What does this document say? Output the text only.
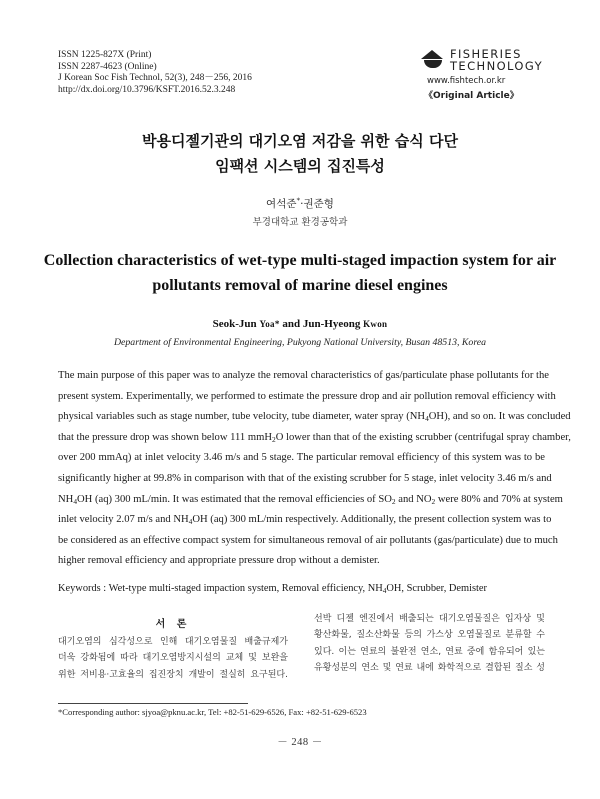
ISSN 1225-827X (Print)
ISSN 2287-4623 (Online)
J Korean Soc Fish Technol, 52(3), 248－256, 2016
http://dx.doi.org/10.3796/KSFT.2016.52.3.248
FISHERIES
TECHNOLOGY
www.fishtech.or.kr
《Original Article》
박용디젤기관의 대기오염 저감을 위한 습식 다단
임팩션 시스템의 집진특성
여석준*·권준형
부경대학교 환경공학과
Collection characteristics of wet-type multi-staged impaction system for air
pollutants removal of marine diesel engines
Seok-Jun Yoa* and Jun-Hyeong Kwon
Department of Environmental Engineering, Pukyong National University, Busan 48513, Korea
The main purpose of this paper was to analyze the removal characteristics of gas/particulate phase pollutants for the
present system. Experimentally, we performed to estimate the pressure drop and air pollution removal efficiency with
physical variables such as stage number, tube velocity, tube diameter, water spray $(NH_4OH)$, and so on. It was concluded
that the pressure drop was shown below 111 mmH$_2$O lower than that of the existing scrubber (centrifugal spray chamber,
over 200 mmAq) at inlet velocity 3.46 m/s and 5 stage. The particular removal efficiency of this system was to be
significantly higher at 99.8% in comparison with that of the existing scrubber for 5 stage, inlet velocity 3.46 m/s and
$NH_4OH$ (aq) 300 mL/min. It was estimated that the removal efficiencies of $SO_2$ and $NO_2$ were 80% and 70% at system
inlet velocity 2.07 m/s and $NH_4OH$ (aq) 300 mL/min respectively. Additionally, the present collection system was to
be considered as an effective compact system for simultaneous removal of air pollutants (gas/particulate) due to much
higher removal efficiency and appropriate pressure drop without a demister.
Keywords : Wet-type multi-staged impaction system, Removal efficiency, $NH_4OH$, Scrubber, Demister
서 론
대기오염의 심각성으로 인해 대기오염물질 배출규제가
더욱 강화됨에 따라 대기오염방지시설의 교체 및 보완을
위한 저비용·고효율의 집진장치 개발이 절실히 요구된다.
선박 디젤 엔진에서 배출되는 대기오염물질은 입자상 및
황산화물, 질소산화물 등의 가스상 오염물질로 분류할 수
있다. 이는 연료의 불완전 연소, 연료 중에 함유되어 있는
유황성분의 연소 및 연료 내에 화학적으로 결합된 질소 성
*Corresponding author: sjyoa@pknu.ac.kr, Tel: +82-51-629-6526, Fax: +82-51-629-6523
－ 248 －
